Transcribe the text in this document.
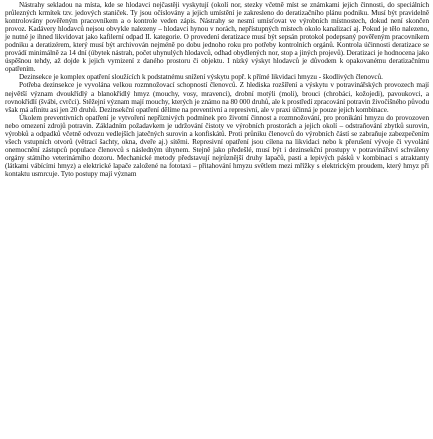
Nástrahy sekladou na místa, kde se hlodavci nejčastěji vyskytují (okolí nor, stezky včetně míst se známkami jejich činnosti, do speciálních průlezných krmítek tzv. jedových staniček. Ty jsou očíslovány a jejich umístění je zakresleno do deratizačního plánu podniku. Musí být pravidelně kontrolovány pověřeným pracovníkem a o kontrole veden zápis. Nástrahy se nesmí umísťovat ve výrobních místnostech, dokud není skončen provoz. Kadávery hlodavců nejsou obvykle nalezeny – hlodavci hynou v norách, nepřístupných místech okolo kanalizací aj. Pokud je tělo nalezeno, je nutné je ihned likvidovat jako kafilerní odpad II. kategorie. O provedení deratizace musí být sepsán protokol podepsaný pověřeným pracovníkem podniku a deratizérem, který musí být archivován nejméně po dobu jednoho roku pro potřeby kontrolních orgánů. Kontrola účinnosti deratizace se provádí minimálně za 14 dní (úbytek nástrah, počet uhynulých hlodavců, odhad obydlených nor, stop a jiných projevů). Deratizaci je hodnocena jako úspěšnou tehdy, až dojde k jejich vymizení z daného prostoru či objektu. I nízký výskyt hlodavců je důvodem k opakovanému deratizačnímu opatřením.

Dezinsekce je komplex opatření sloužících k podstatnému snížení výskytu popř. k přímé likvidaci hmyzu - škodlivých členovců.

Potřeba dezinsekce je vyvolána velkou rozmnožovací schopností členovců. Z hlediska rozšíření a výskytu v potravinářských provozech mají největší význam dvoukřídlý a blanokřídlý hmyz (mouchy, vosy, mravenci), drobní motýli (moli), brouci (chrobáci, kožojedi), pavoukovci, a rovnokřídlí (švábi, cvrčci). Stěžejní význam mají mouchy, kterých je známo na 80 000 druhů, ale k prostředí zpracování potravin živočišného původu však má afinitu asi jen 20 druhů. Dezinsekční opatření dělíme na preventivní a represivní, ale v praxi účinná je pouze jejich kombinace.

Úkolem preventivních opatření je vytvoření nepříznivých podmínek pro životní činnost a rozmnožování, pro pronikání hmyzu do provozoven nebo omezení zdrojů potravin. Základním požadavkem je udržování čistoty ve výrobních prostorách a jejich okolí – odstraňování zbytků surovin, výrobků a odpadků včetně odvozu vedlejších jatečných surovin a konfiskátů. Proti průniku členovců do výrobních částí se zabraňuje zabezpečením všech vstupních otvorů (větrací šachty, okna, dveře aj.) sítěmi. Represivní opatření jsou cílena na likvidaci nebo k přerušení vývoje či vyvolání onemocnění zástupců populace členovců s následným úhynem. Stejně jako předešlé, musí být i dezinsekční prostupy v potravinářství schváleny orgány státního veterinárního dozoru. Mechanické metody představují nejrůznější druhy lapačů, pasti a lepivých pásků v kombinaci s atraktanty (látkami vábícími hmyz) a elektrické lapače založené na fototaxi – přitahování hmyzu světlem mezi mřížky s elektrickým proudem, který hmyz při kontaktu usmrcuje. Tyto postupy mají význam
